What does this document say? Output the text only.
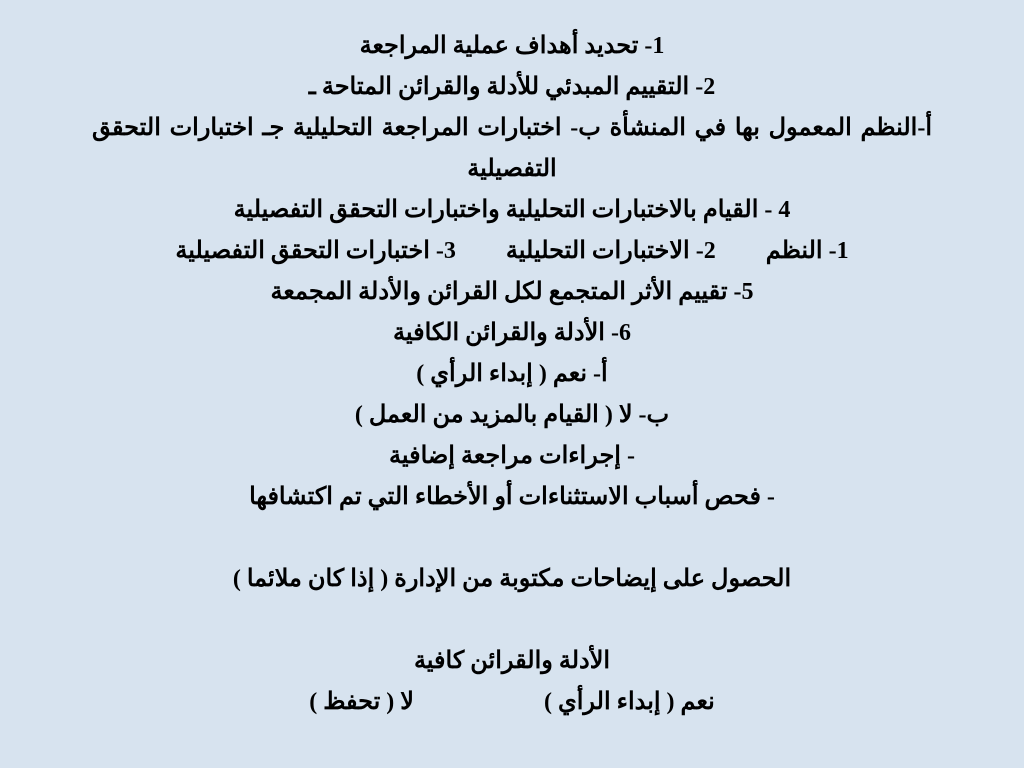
1- تحديد أهداف عملية المراجعة
2- التقييم المبدئي للأدلة والقرائن المتاحة ـ
أ-النظم المعمول بها في المنشأة ب- اختبارات المراجعة التحليلية جـ اختبارات التحقق التفصيلية
4 - القيام بالاختبارات التحليلية واختبارات التحقق التفصيلية
1- النظم
2- الاختبارات التحليلية
3- اختبارات التحقق التفصيلية
5- تقييم الأثر المتجمع لكل القرائن والأدلة المجمعة
6- الأدلة والقرائن الكافية
أ- نعم ( إبداء الرأي )
ب- لا ( القيام بالمزيد من العمل )
- إجراءات مراجعة إضافية
- فحص أسباب الاستثناءات أو الأخطاء التي تم اكتشافها
الحصول على إيضاحات مكتوبة من الإدارة ( إذا كان ملائما )
الأدلة والقرائن كافية
نعم ( إبداء الرأي )
لا ( تحفظ )
